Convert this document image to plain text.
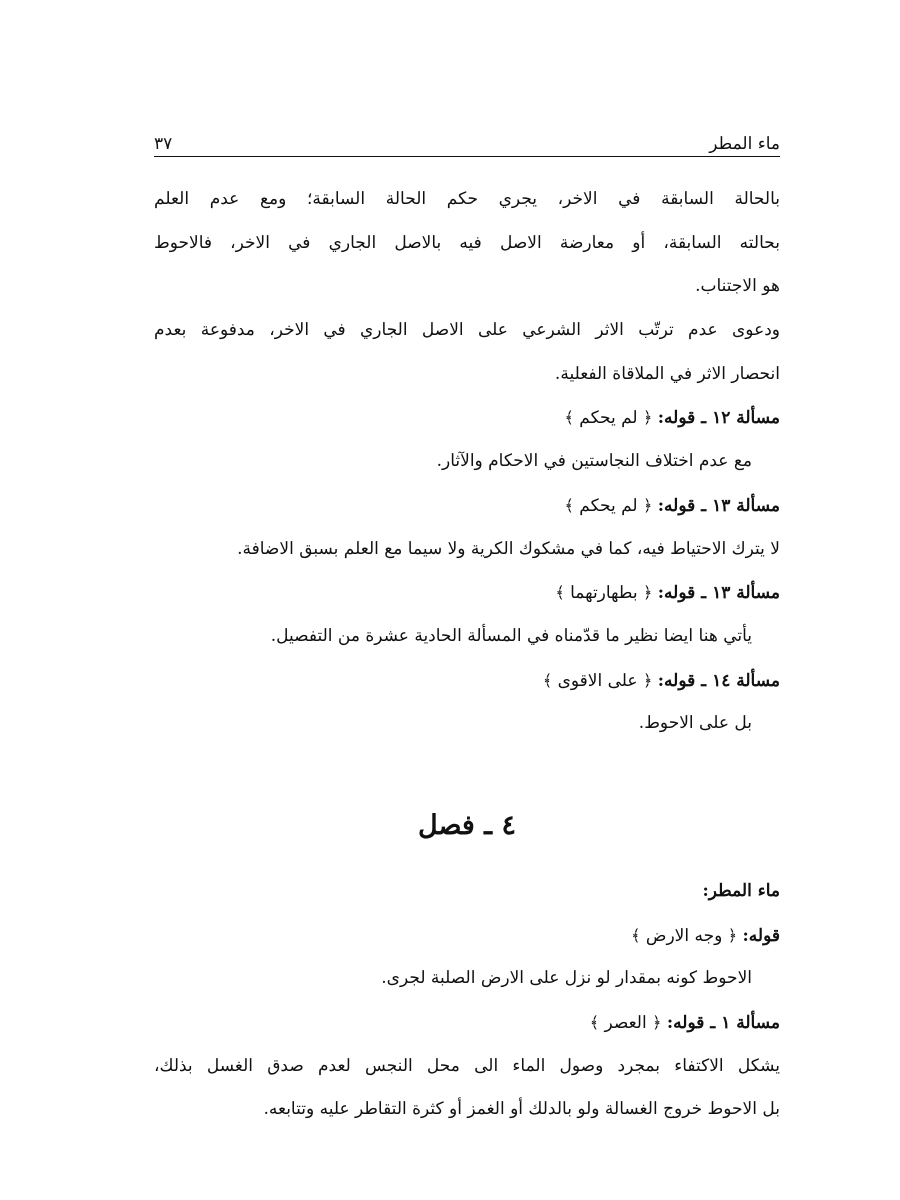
ماء المطر
٣٧
بالحالة السابقة في الاخر، يجري حكم الحالة السابقة؛ ومع عدم العلم
بحالته السابقة، أو معارضة الاصل فيه بالاصل الجاري في الاخر، فالاحوط
هو الاجتناب.
ودعوى عدم ترتّب الاثر الشرعي على الاصل الجاري في الاخر، مدفوعة بعدم
انحصار الاثر في الملاقاة الفعلية.
مسألة ١٢ ـ قوله: ﴿ لم يحكم ﴾
مع عدم اختلاف النجاستين في الاحكام والآثار.
مسألة ١٣ ـ قوله: ﴿ لم يحكم ﴾
لا يترك الاحتياط فيه، كما في مشكوك الكرية ولا سيما مع العلم بسبق الاضافة.
مسألة ١٣ ـ قوله: ﴿ بطهارتهما ﴾
يأتي هنا ايضا نظير ما قدّمناه في المسألة الحادية عشرة من التفصيل.
مسألة ١٤ ـ قوله: ﴿ على الاقوى ﴾
بل على الاحوط.
٤ ـ فصل
ماء المطر:
قوله: ﴿ وجه الارض ﴾
الاحوط كونه بمقدار لو نزل على الارض الصلبة لجرى.
مسألة ١ ـ قوله: ﴿ العصر ﴾
يشكل الاكتفاء بمجرد وصول الماء الى محل النجس لعدم صدق الغسل بذلك،
بل الاحوط خروج الغسالة ولو بالدلك أو الغمز أو كثرة التقاطر عليه وتتابعه.
